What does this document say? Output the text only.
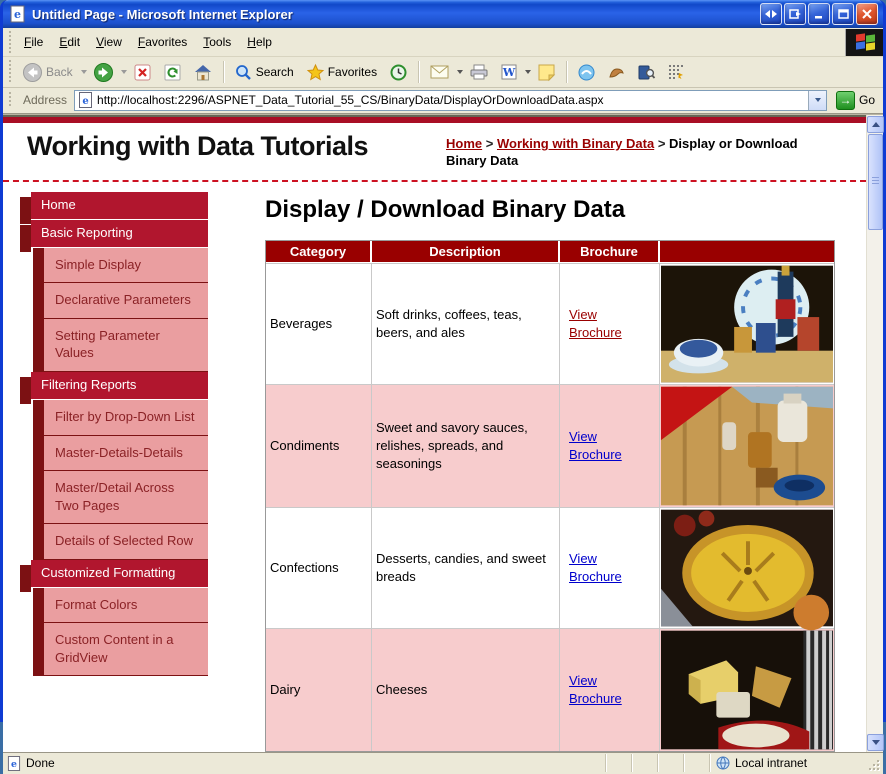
e Untitled Page - Microsoft Internet Explorer
File	Edit	View	Favorites	Tools	Help
Back	Search	Favorites	W
Address e http://localhost:2296/ASPNET_Data_Tutorial_55_CS/BinaryData/DisplayOrDownloadData.aspx	→ Go
Working with Data Tutorials	Home > Working with Binary Data > Display or Download Binary Data
Home
Basic Reporting
Simple Display
Declarative Parameters
Setting Parameter Values
Filtering Reports
Filter by Drop-Down List
Master-Details-Details
Master/Detail Across Two Pages
Details of Selected Row
Customized Formatting
Format Colors
Custom Content in a GridView
Display / Download Binary Data
Category	Description	Brochure	
Beverages	Soft drinks, coffees, teas, beers, and ales	View Brochure	

Condiments	Sweet and savory sauces, relishes, spreads, and seasonings	View Brochure	

Confections	Desserts, candies, and sweet breads	View Brochure	

Dairy	Cheeses	View Brochure	
e Done	Local intranet
